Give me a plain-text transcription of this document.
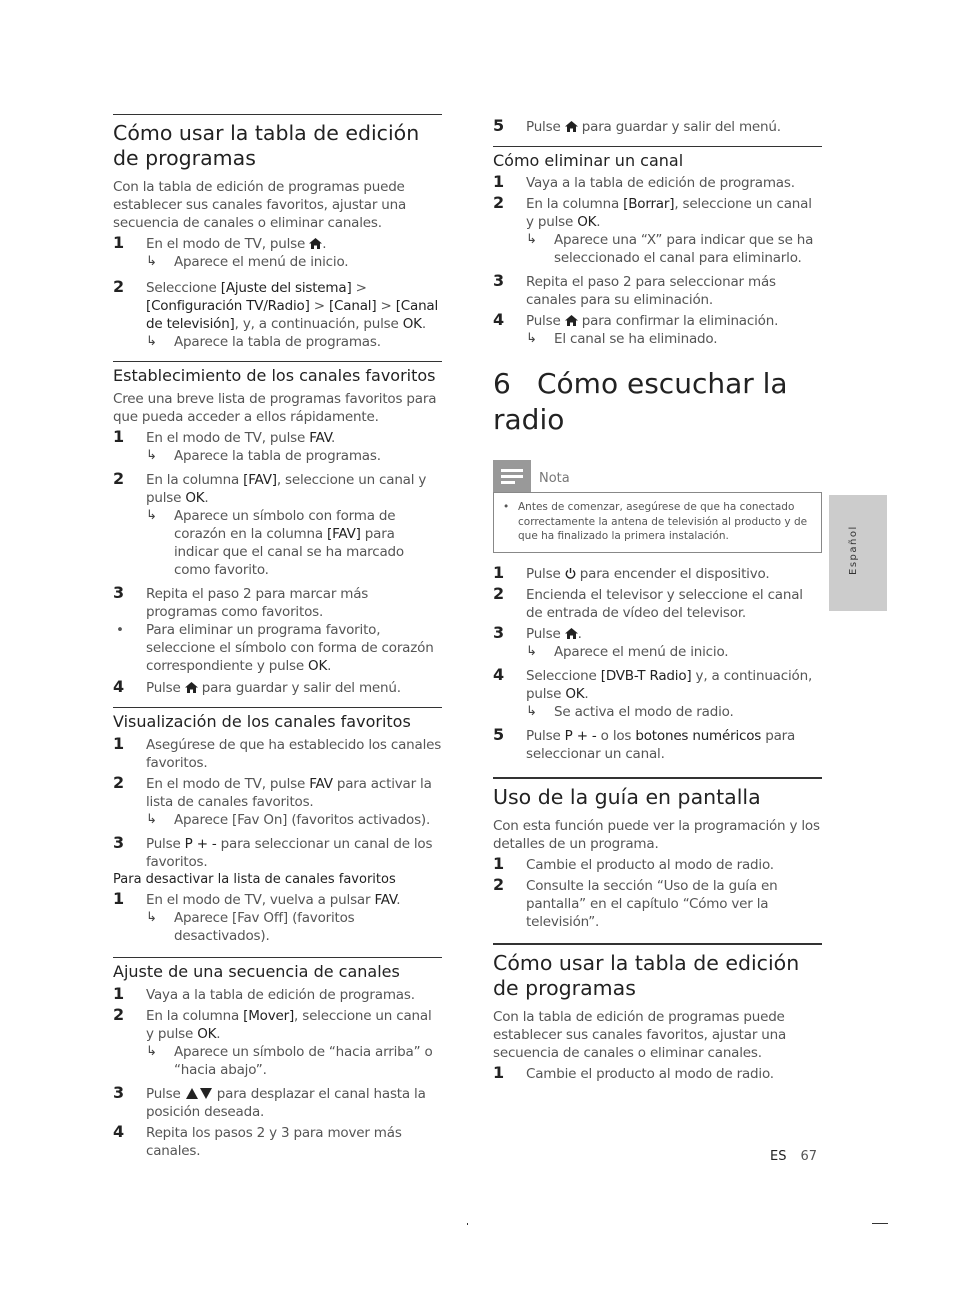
Cómo usar la tabla de edición de programas

Con la tabla de edición de programas puede establecer sus canales favoritos, ajustar una secuencia de canales o eliminar canales.

1 En el modo de TV, pulse .
↳ Aparece el menú de inicio.
2 Seleccione [Ajuste del sistema] > [Configuración TV/Radio] > [Canal] > [Canal de televisión], y, a continuación, pulse OK.
↳ Aparece la tabla de programas.
Establecimiento de los canales favoritos

Cree una breve lista de programas favoritos para que pueda acceder a ellos rápidamente.

1 En el modo de TV, pulse FAV.
↳ Aparece la tabla de programas.
2 En la columna [FAV], seleccione un canal y pulse OK.
↳ Aparece un símbolo con forma de corazón en la columna [FAV] para indicar que el canal se ha marcado como favorito.
3 Repita el paso 2 para marcar más programas como favoritos.
• Para eliminar un programa favorito, seleccione el símbolo con forma de corazón correspondiente y pulse OK.
4 Pulse para guardar y salir del menú.
Visualización de los canales favoritos
1 Asegúrese de que ha establecido los canales favoritos.
2 En el modo de TV, pulse FAV para activar la lista de canales favoritos.
↳ Aparece [Fav On] (favoritos activados).
3 Pulse P + - para seleccionar un canal de los favoritos.
Para desactivar la lista de canales favoritos
1 En el modo de TV, vuelva a pulsar FAV.
↳ Aparece [Fav Off] (favoritos desactivados).
Ajuste de una secuencia de canales
1 Vaya a la tabla de edición de programas.
2 En la columna [Mover], seleccione un canal y pulse OK.
↳ Aparece un símbolo de “hacia arriba” o “hacia abajo”.
3 Pulse	para desplazar el canal hasta la posición deseada.
4 Repita los pasos 2 y 3 para mover más canales.
5 Pulse para guardar y salir del menú.
Cómo eliminar un canal
1 Vaya a la tabla de edición de programas.
2 En la columna [Borrar], seleccione un canal y pulse OK.
↳ Aparece una “X” para indicar que se ha seleccionado el canal para eliminarlo.
3 Repita el paso 2 para seleccionar más canales para su eliminación.
4 Pulse para confirmar la eliminación.
↳ El canal se ha eliminado.
6 Cómo escuchar la radio
Nota
• Antes de comenzar, asegúrese de que ha conectado correctamente la antena de televisión al producto y de que ha finalizado la primera instalación.
1 Pulse para encender el dispositivo.
2 Encienda el televisor y seleccione el canal de entrada de vídeo del televisor.
3 Pulse .
↳ Aparece el menú de inicio.
4 Seleccione [DVB-T Radio] y, a continuación, pulse OK.
↳ Se activa el modo de radio.
5 Pulse P + - o los botones numéricos para seleccionar un canal.
Uso de la guía en pantalla

Con esta función puede ver la programación y los detalles de un programa.

1 Cambie el producto al modo de radio.
2 Consulte la sección “Uso de la guía en pantalla” en el capítulo “Cómo ver la televisión”.
Cómo usar la tabla de edición de programas

Con la tabla de edición de programas puede establecer sus canales favoritos, ajustar una secuencia de canales o eliminar canales.

1 Cambie el producto al modo de radio.
Español
ES 67
